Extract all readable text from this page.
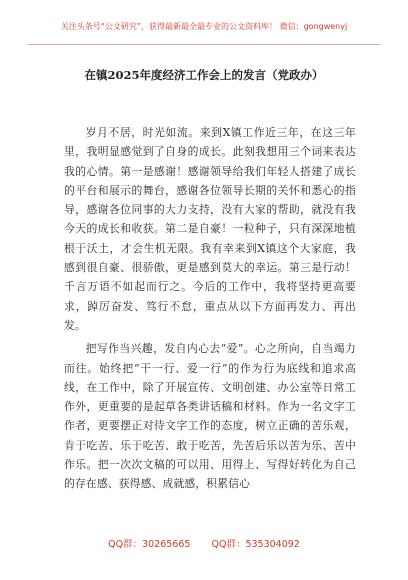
关注头条号“公文研究”，获得最新最全最专业的公文资料库！ 微信：gongwenyj
在镇2025年度经济工作会上的发言（党政办）

岁月不居，时光如流。来到X镇工作近三年，在这三年里，我明显感觉到了自身的成长。此刻我想用三个词来表达我的心情。第一是感谢！感谢领导给我们年轻人搭建了成长的平台和展示的舞台，感谢各位领导长期的关怀和悉心的指导，感谢各位同事的大力支持，没有大家的帮助，就没有我今天的成长和收获。第二是自豪！一粒种子，只有深深地植根于沃土，才会生机无限。我有幸来到X镇这个大家庭，我感到很自豪、很骄傲，更是感到莫大的幸运。第三是行动！千言万语不如起而行之。今后的工作中，我将坚持更高要求，踔厉奋发、笃行不怠，重点从以下方面再发力、再出发。

把写作当兴趣，发自内心去“爱”。心之所向，自当竭力而往。始终把“干一行、爱一行”的作为行为底线和追求高线，在工作中，除了开展宣传、文明创建、办公室等日常工作外，更重要的是起草各类讲话稿和材料。作为一名文字工作者，更要摆正对待文字工作的态度，树立正确的苦乐观，肯于吃苦、乐于吃苦、敢于吃苦，先苦后乐以苦为乐、苦中作乐。把一次次文稿的可以用、用得上、写得好转化为自己的存在感、获得感、成就感，积累信心

QQ群：30265665 QQ群：535304092
